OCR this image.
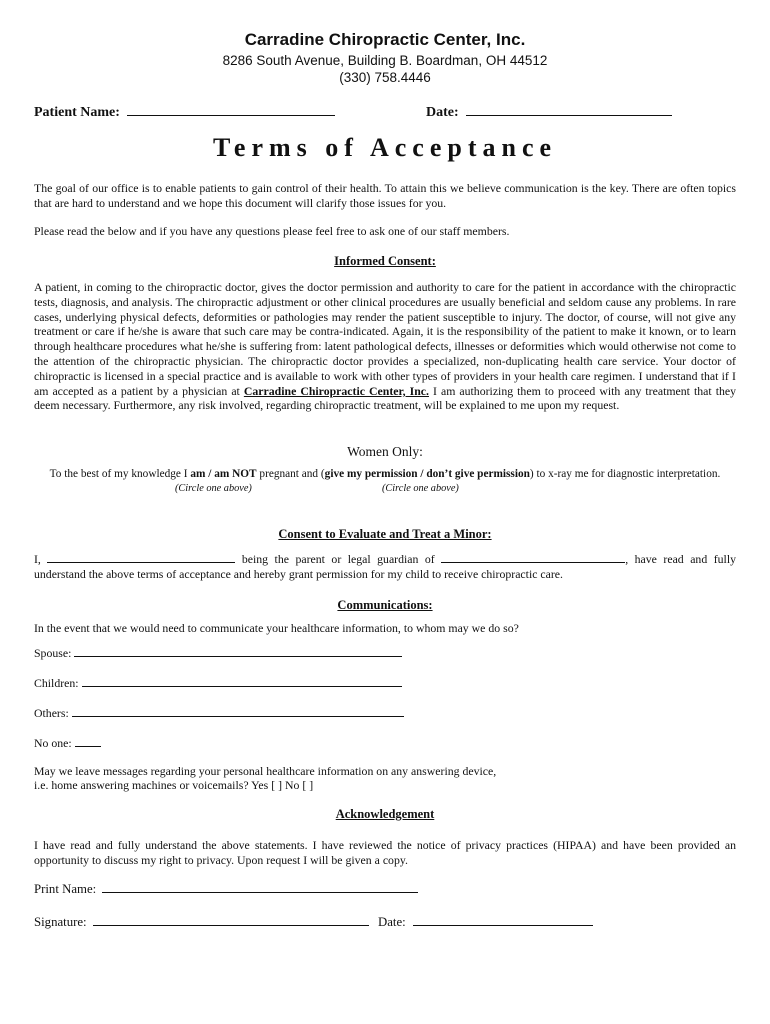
Carradine Chiropractic Center, Inc.
8286 South Avenue, Building B. Boardman, OH 44512
(330) 758.4446
Patient Name:	Date:
Terms of Acceptance
The goal of our office is to enable patients to gain control of their health. To attain this we believe communication is the key. There are often topics that are hard to understand and we hope this document will clarify those issues for you.
Please read the below and if you have any questions please feel free to ask one of our staff members.
Informed Consent:
A patient, in coming to the chiropractic doctor, gives the doctor permission and authority to care for the patient in accordance with the chiropractic tests, diagnosis, and analysis. The chiropractic adjustment or other clinical procedures are usually beneficial and seldom cause any problems. In rare cases, underlying physical defects, deformities or pathologies may render the patient susceptible to injury. The doctor, of course, will not give any treatment or care if he/she is aware that such care may be contra-indicated. Again, it is the responsibility of the patient to make it known, or to learn through healthcare procedures what he/she is suffering from: latent pathological defects, illnesses or deformities which would otherwise not come to the attention of the chiropractic physician. The chiropractic doctor provides a specialized, non-duplicating health care service. Your doctor of chiropractic is licensed in a special practice and is available to work with other types of providers in your health care regimen. I understand that if I am accepted as a patient by a physician at Carradine Chiropractic Center, Inc. I am authorizing them to proceed with any treatment that they deem necessary. Furthermore, any risk involved, regarding chiropractic treatment, will be explained to me upon my request.
Women Only:
To the best of my knowledge I am / am NOT pregnant and (give my permission / don’t give permission) to x-ray me for diagnostic interpretation.
(Circle one above)	(Circle one above)
Consent to Evaluate and Treat a Minor:
I,	being the parent or legal guardian of	, have read and fully understand the above terms of acceptance and hereby grant permission for my child to receive chiropractic care.
Communications:
In the event that we would need to communicate your healthcare information, to whom may we do so?
Spouse:
Children:
Others:
No one:
May we leave messages regarding your personal healthcare information on any answering device,
i.e. home answering machines or voicemails? Yes [ ] No [ ]
Acknowledgement
I have read and fully understand the above statements. I have reviewed the notice of privacy practices (HIPAA) and have been provided an opportunity to discuss my right to privacy. Upon request I will be given a copy.
Print Name:
Signature:	Date:
